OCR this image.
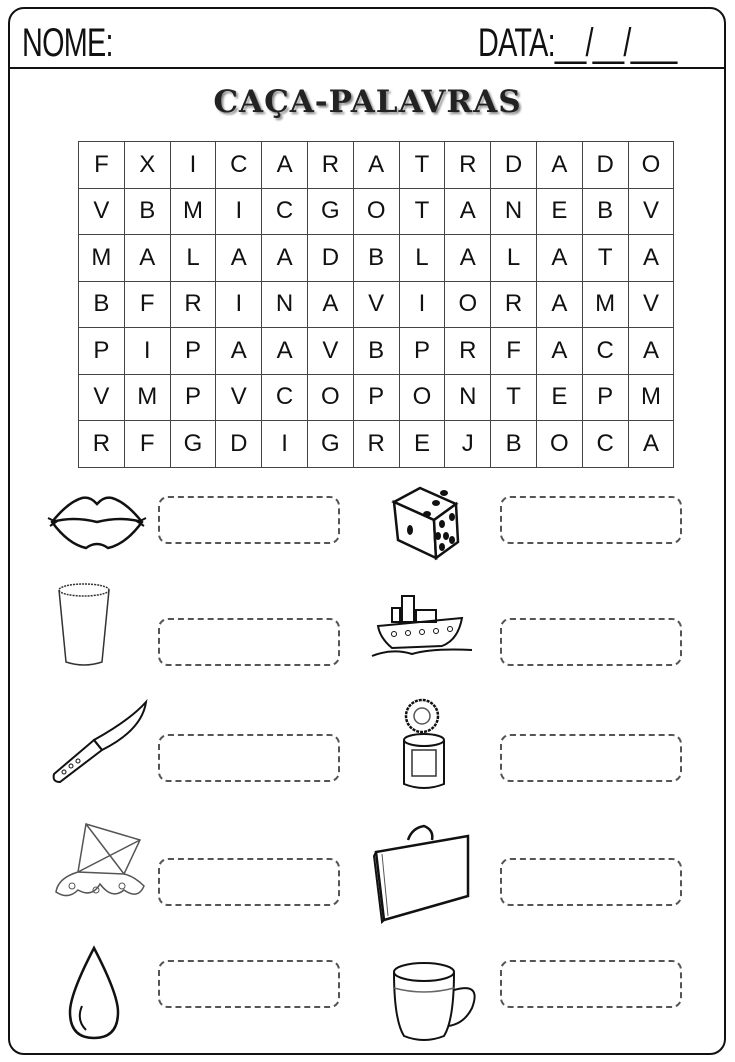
NOME:	DATA:__/__/___
CAÇA-PALAVRAS
F	X	I	C	A	R	A	T	R	D	A	D	O
V	B	M	I	C	G	O	T	A	N	E	B	V
M	A	L	A	A	D	B	L	A	L	A	T	A
B	F	R	I	N	A	V	I	O	R	A	M	V
P	I	P	A	A	V	B	P	R	F	A	C	A
V	M	P	V	C	O	P	O	N	T	E	P	M
R	F	G	D	I	G	R	E	J	B	O	C	A
